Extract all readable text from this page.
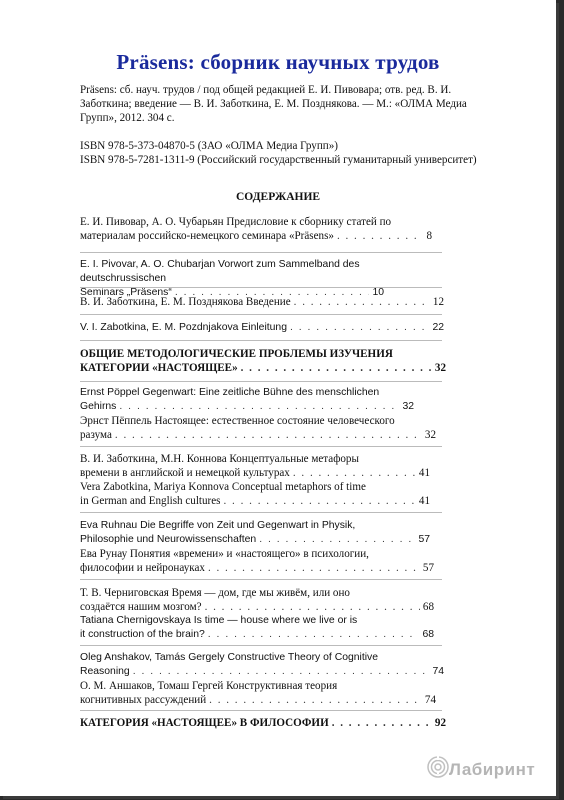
Präsens: сборник научных трудов
Präsens: сб. науч. трудов / под общей редакцией Е. И. Пивовара; отв. ред. В. И. Заботкина; введение — В. И. Заботкина, Е. М. Позднякова. — М.: «ОЛМА Медиа Групп», 2012. 304 с.
ISBN 978-5-373-04870-5 (ЗАО «ОЛМА Медиа Групп»)
ISBN 978-5-7281-1311-9 (Российский государственный гуманитарный университет)
СОДЕРЖАНИЕ
Е. И. Пивовар, А. О. Чубарьян Предисловие к сборнику статей по
материалам российско-немецкого семинара «Präsens» . . .	8
E. I. Pivovar, A. O. Chubarjan Vorwort zum Sammelband des deutschrussischen
Seminars „Präsens“ . . .	10
В. И. Заботкина, Е. М. Позднякова Введение . . .	12
V. I. Zabotkina, E. M. Pozdnjakova Einleitung . . .	22
ОБЩИЕ МЕТОДОЛОГИЧЕСКИЕ ПРОБЛЕМЫ ИЗУЧЕНИЯ
КАТЕГОРИИ «НАСТОЯЩЕЕ» . . .	32
Ernst Pöppel Gegenwart: Eine zeitliche Bühne des menschlichen
Gehirns . . .	32
Эрнст Пёппель Настоящее: естественное состояние человеческого
разума . . .	32
В. И. Заботкина, М.Н. Коннова Концептуальные метафоры
времени в английской и немецкой культурах . . .	41
Vera Zabotkina, Mariya Konnova Conceptual metaphors of time
in German and English cultures . . .	41
Eva Ruhnau Die Begriffe von Zeit und Gegenwart in Physik,
Philosophie und Neurowissenschaften . . .	57
Ева Рунау Понятия «времени» и «настоящего» в психологии,
философии и нейронауках . . .	57
Т. В. Черниговская Время — дом, где мы живём, или оно
создаётся нашим мозгом? . . .	68
Tatiana Chernigovskaya Is time — house where we live or is
it construction of the brain? . . .	68
Oleg Anshakov, Tamás Gergely Constructive Theory of Cognitive
Reasoning . . .	74
О. М. Аншаков, Томаш Гергей Конструктивная теория
когнитивных рассуждений . . .	74
КАТЕГОРИЯ «НАСТОЯЩЕЕ» В ФИЛОСОФИИ . . .	92
Лабиринт
